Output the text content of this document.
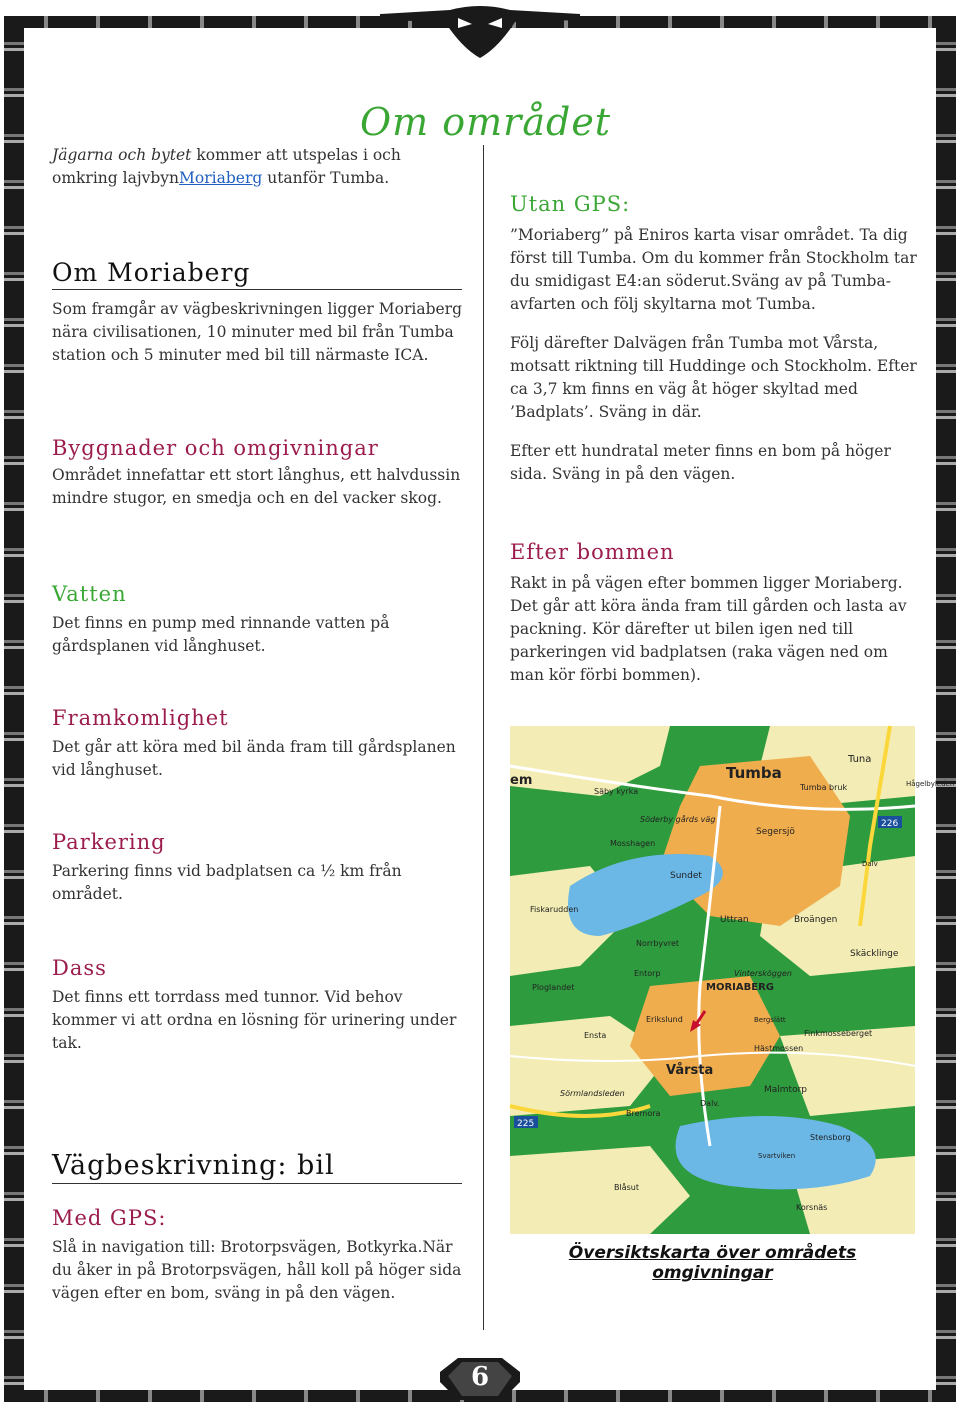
6
Om området

Jägarna och bytet kommer att utspelas i och omkring lajvbynMoriaberg utanför Tumba.

Om Moriaberg

Som framgår av vägbeskrivningen ligger Moriaberg nära civilisationen, 10 minuter med bil från Tumba station och 5 minuter med bil till närmaste ICA.

Byggnader och omgivningar

Området innefattar ett stort långhus, ett halvdussin mindre stugor, en smedja och en del vacker skog.

Vatten

Det finns en pump med rinnande vatten på gårdsplanen vid långhuset.

Framkomlighet

Det går att köra med bil ända fram till gårdsplanen vid långhuset.

Parkering

Parkering finns vid badplatsen ca ½ km från området.

Dass

Det finns ett torrdass med tunnor. Vid behov kommer vi att ordna en lösning för urinering under tak.

Vägbeskrivning: bil
Med GPS:

Slå in navigation till: Brotorpsvägen, Botkyrka.När du åker in på Brotorpsvägen, håll koll på höger sida vägen efter en bom, sväng in på den vägen.

Utan GPS:

”Moriaberg” på Eniros karta visar området. Ta dig först till Tumba. Om du kommer från Stockholm tar du smidigast E4:an söderut.Sväng av på Tumba-avfarten och följ skyltarna mot Tumba.

Följ därefter Dalvägen från Tumba mot Vårsta, motsatt riktning till Huddinge och Stockholm. Efter ca 3,7 km finns en väg åt höger skyltad med ’Badplats’. Sväng in där.

Efter ett hundratal meter finns en bom på höger sida. Sväng in på den vägen.

Efter bommen

Rakt in på vägen efter bommen ligger Moriaberg. Det går att köra ända fram till gården och lasta av packning. Kör därefter ut bilen igen ned till parkeringen vid badplatsen (raka vägen ned om man kör förbi bommen).

Tumba
Tuna
Tumba bruk
Säby kyrka
Söderby gårds väg
Segersjö
Mosshagen
Sundet
Fiskarudden
Uttran	Broängen
Norrbyvret
Skäcklinge
Ploglandet
Entorp	Vintersköggen
MORIABERG
Bergslätt
Erikslund
Finkmosseberget
Ensta
Hästmossen
Vårsta
Malmtorp
Bremora
Stensborg
Dalv.
Sörmlandsleden
Svartviken
Blåsut
Korsnäs
Hågelbyleden
Dalv
226
225
em

Översiktskarta över områdets omgivningar
